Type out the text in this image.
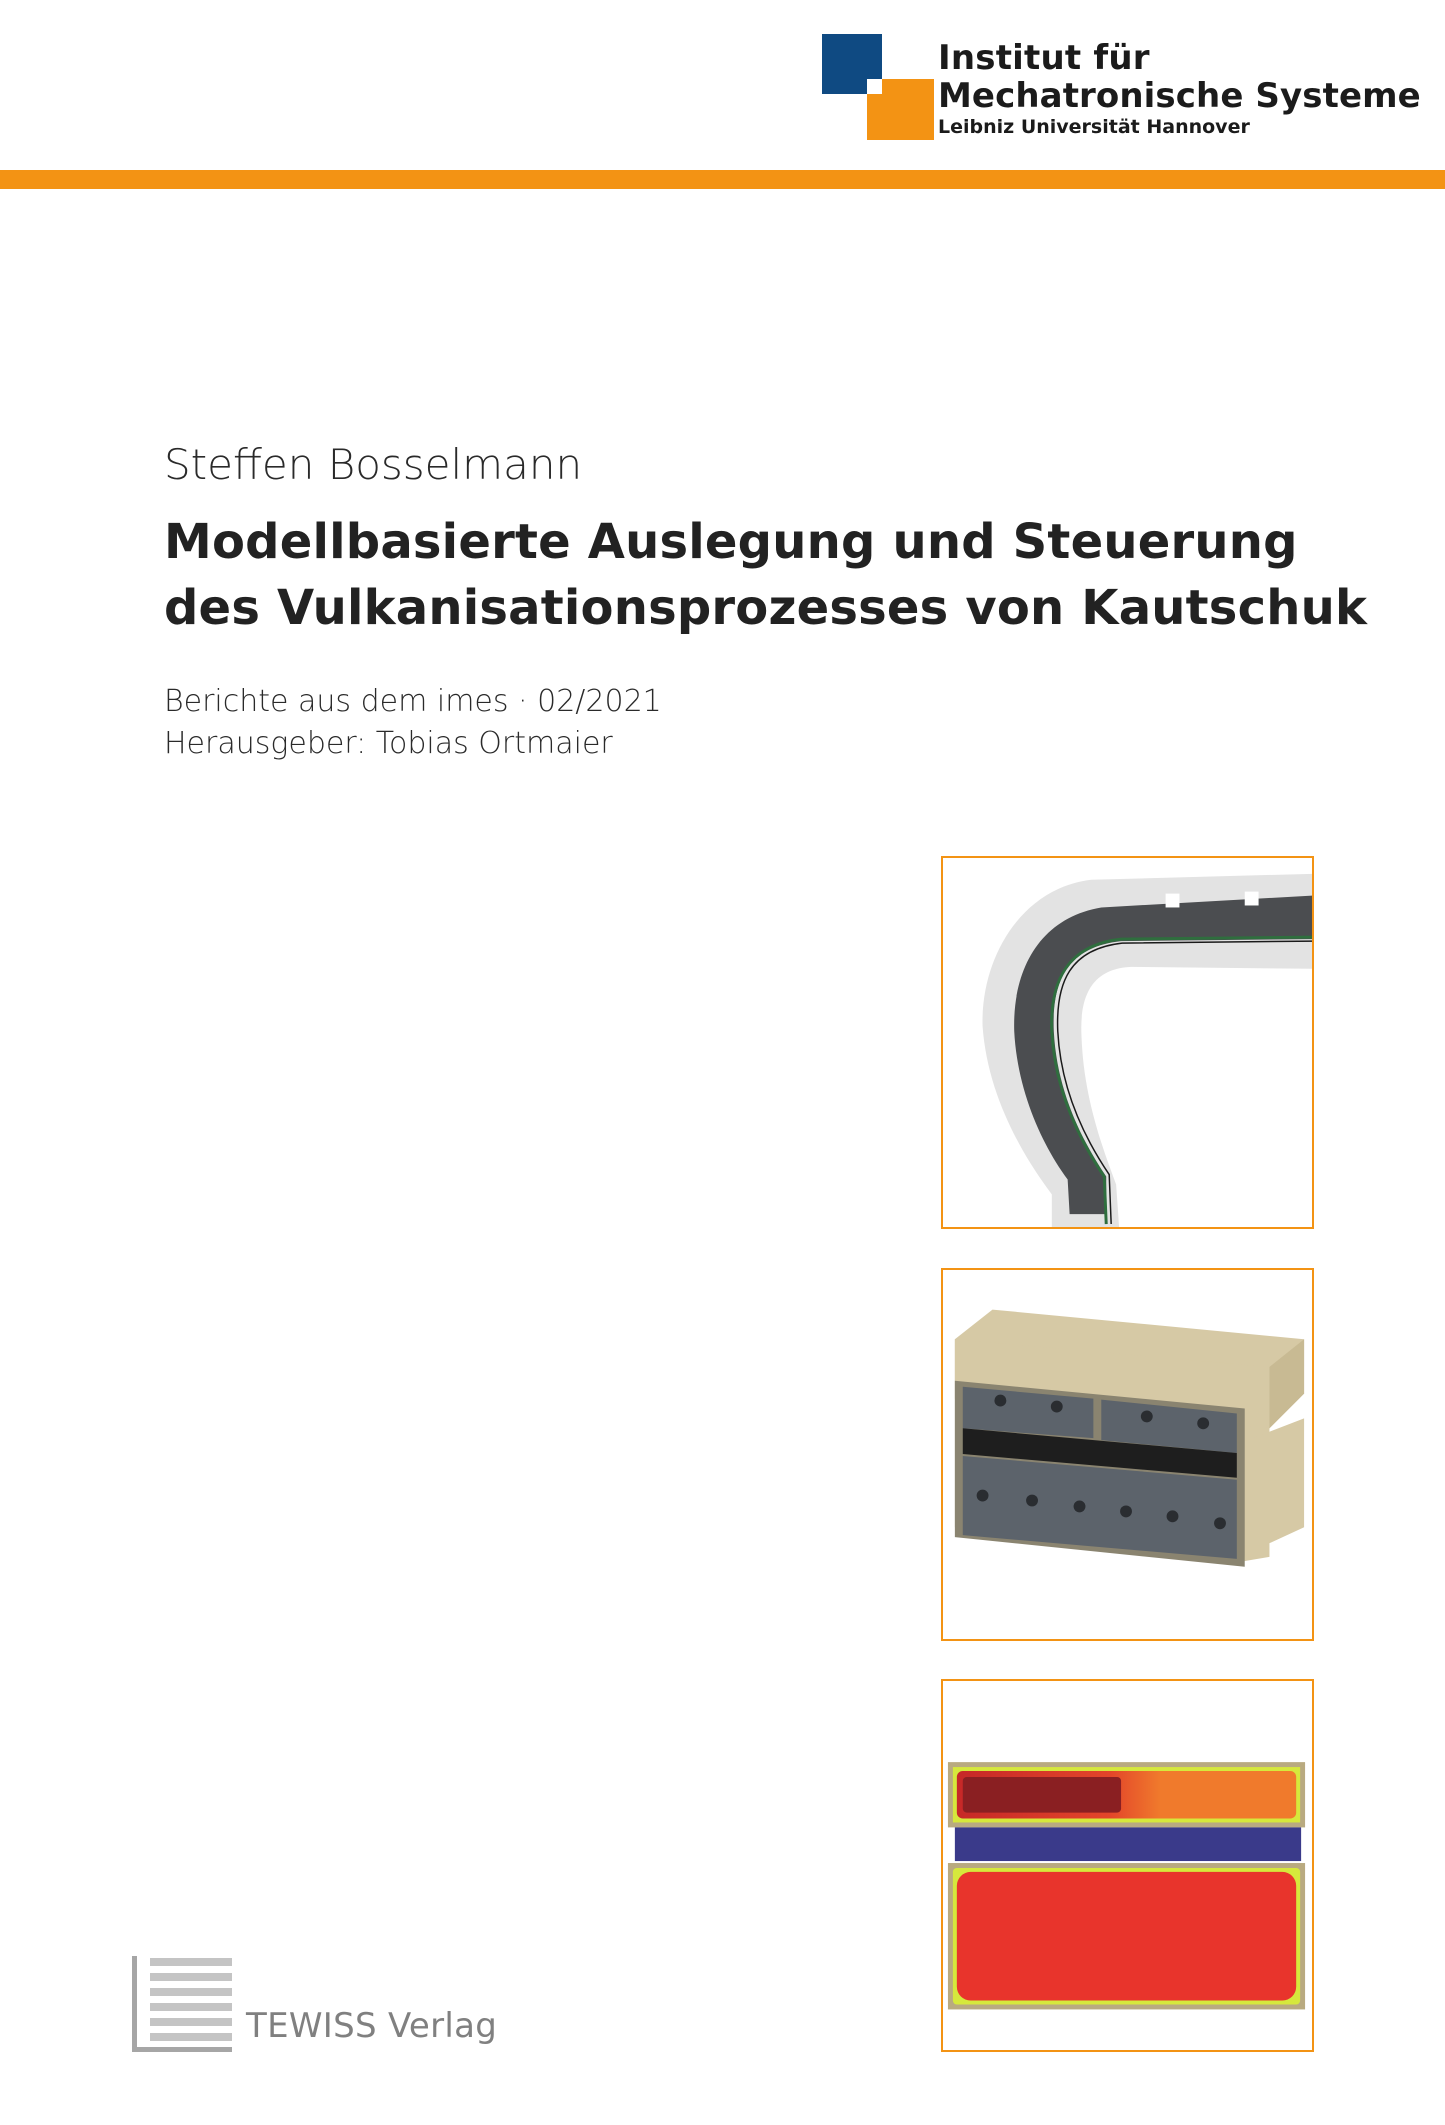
Institut für
Mechatronische Systeme
Leibniz Universität Hannover
Steffen Bosselmann
Modellbasierte Auslegung und Steuerung
des Vulkanisationsprozesses von Kautschuk
Berichte aus dem imes · 02/2021
Herausgeber: Tobias Ortmaier
TEWISS Verlag
